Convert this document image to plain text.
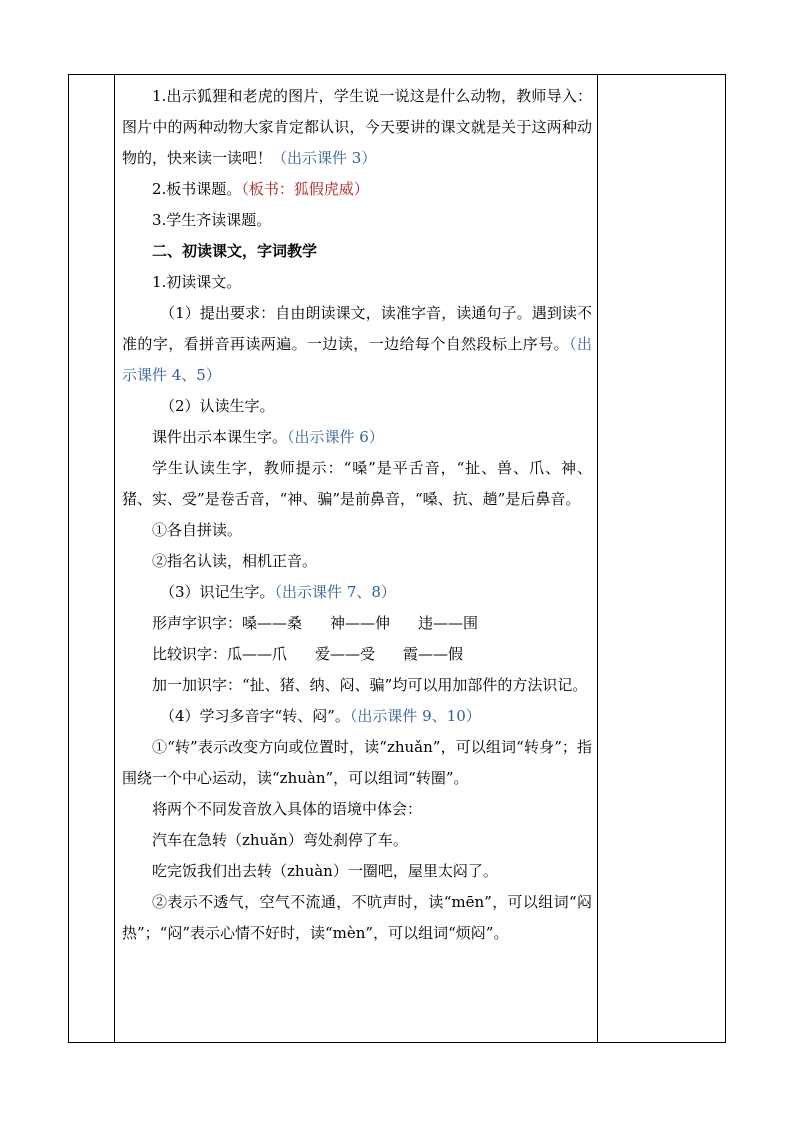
1.出示狐狸和老虎的图片，学生说一说这是什么动物，教师导入：图片中的两种动物大家肯定都认识，今天要讲的课文就是关于这两种动物的，快来读一读吧！（出示课件 3）

2.板书课题。（板书：狐假虎威）

3.学生齐读课题。

二、初读课文，字词教学

1.初读课文。

（1）提出要求：自由朗读课文，读准字音，读通句子。遇到读不准的字，看拼音再读两遍。一边读，一边给每个自然段标上序号。（出示课件 4、5）

（2）认读生字。

课件出示本课生字。（出示课件 6）

学生认读生字，教师提示：“嗓”是平舌音，“扯、兽、爪、神、猪、实、受”是卷舌音，“神、骗”是前鼻音，“嗓、抗、趟”是后鼻音。

①各自拼读。

②指名认读，相机正音。

（3）识记生字。（出示课件 7、8）

形声字识字：嗓——桑 神——伸 违——围

比较识字：瓜——爪 爱——受 霞——假

加一加识字：“扯、猪、纳、闷、骗”均可以用加部件的方法识记。

（4）学习多音字“转、闷”。（出示课件 9、10）

①“转”表示改变方向或位置时，读“zhuǎn”，可以组词“转身”；指围绕一个中心运动，读“zhuàn”，可以组词“转圈”。

将两个不同发音放入具体的语境中体会：

汽车在急转（zhuǎn）弯处刹停了车。

吃完饭我们出去转（zhuàn）一圈吧，屋里太闷了。

②表示不透气，空气不流通，不吭声时，读“mēn”，可以组词“闷热”；“闷”表示心情不好时，读“mèn”，可以组词“烦闷”。
